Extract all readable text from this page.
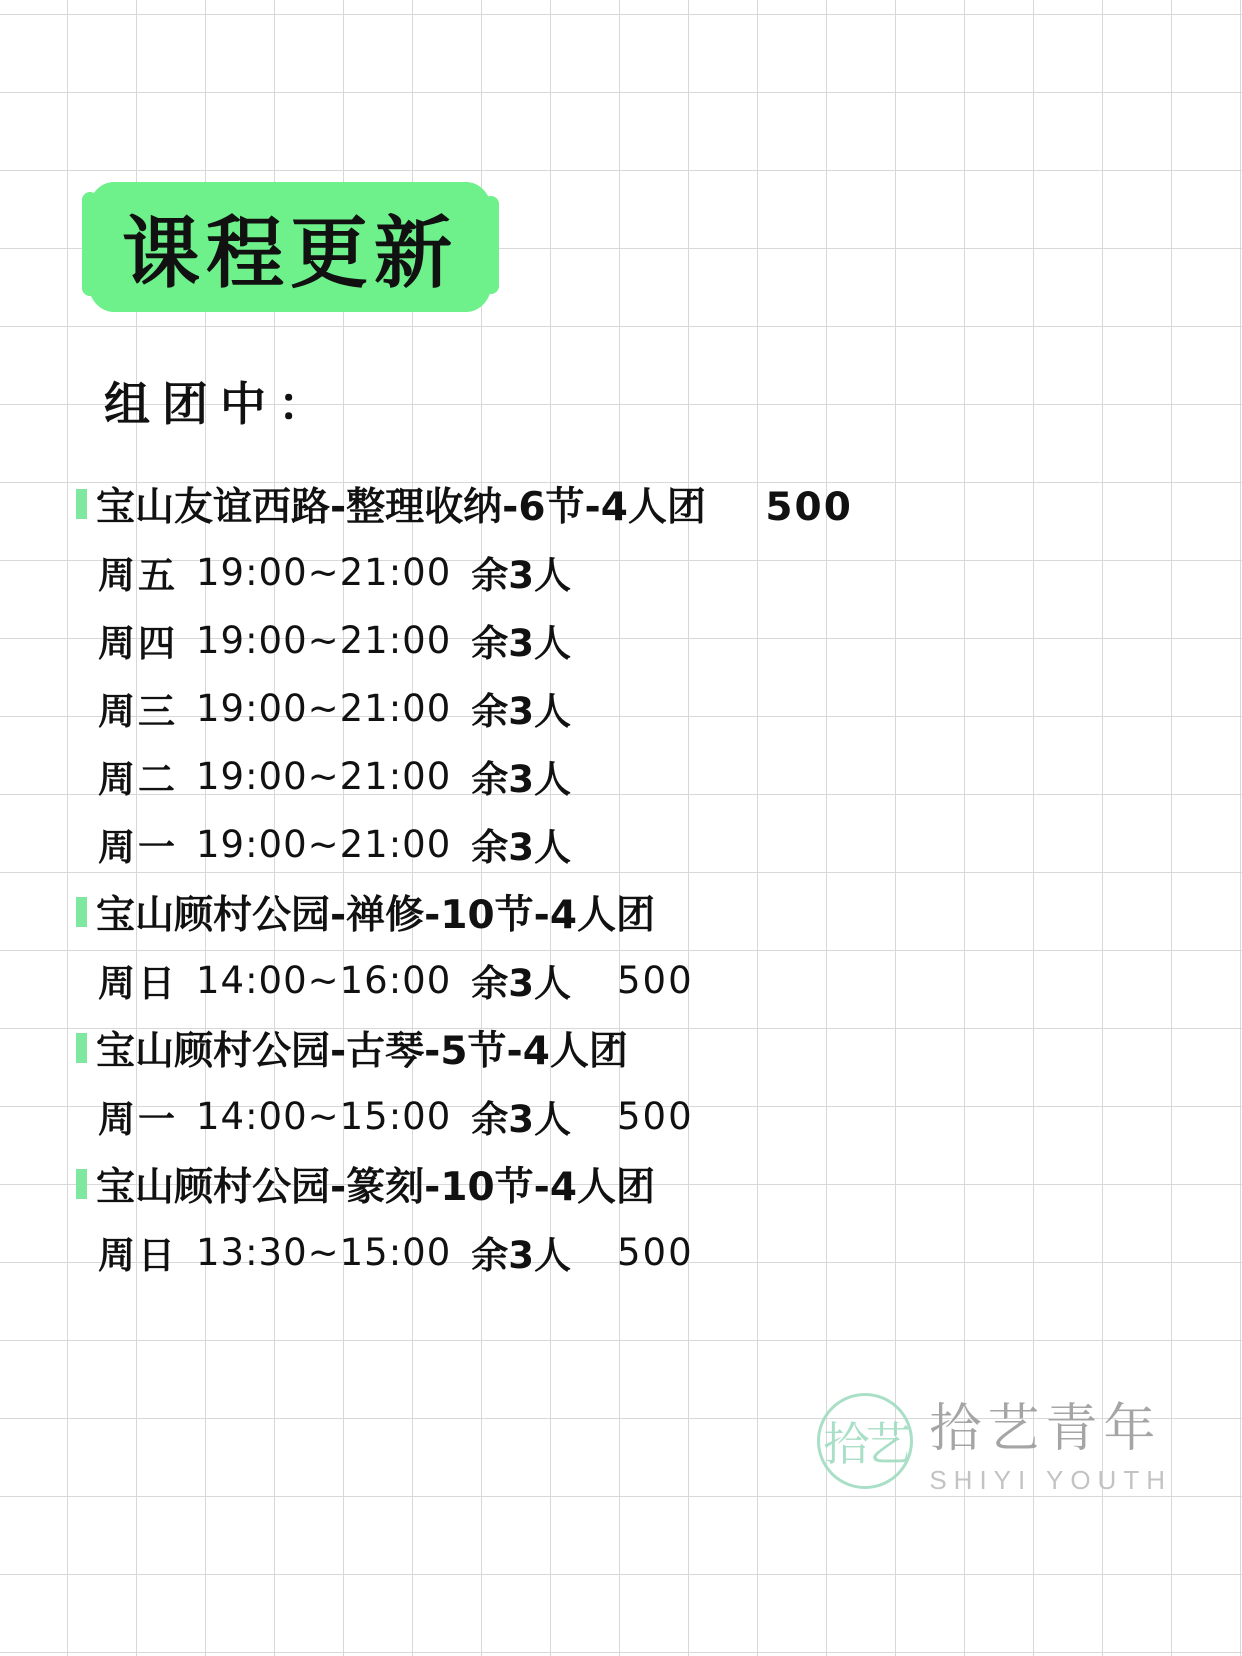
课程更新
组团中：
宝山友谊西路-整理收纳-6节-4人团 500
周五 19:00~21:00 余3人
周四 19:00~21:00 余3人
周三 19:00~21:00 余3人
周二 19:00~21:00 余3人
周一 19:00~21:00 余3人
宝山顾村公园-禅修-10节-4人团
周日 14:00~16:00 余3人 500
宝山顾村公园-古琴-5节-4人团
周一 14:00~15:00 余3人 500
宝山顾村公园-篆刻-10节-4人团
周日 13:30~15:00 余3人 500
拾艺 拾艺青年
SHIYI YOUTH
